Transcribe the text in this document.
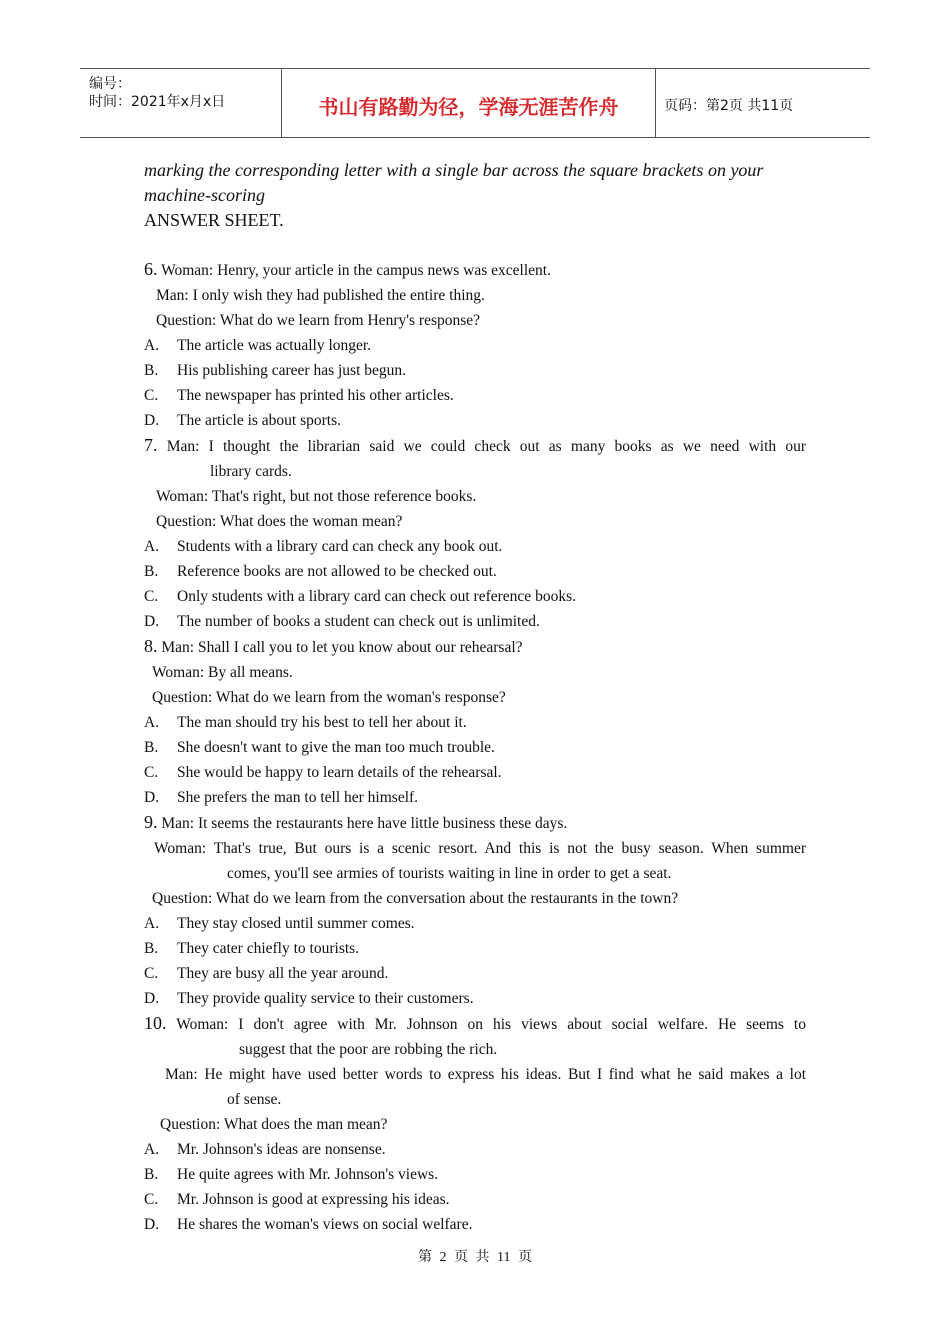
编号：
时间：2021年x月x日	书山有路勤为径，学海无涯苦作舟	页码：第2页 共11页

marking the corresponding letter with a single bar across the square brackets on your

machine-scoring

ANSWER SHEET.

6. Woman: Henry, your article in the campus news was excellent.

Man: I only wish they had published the entire thing.

Question: What do we learn from Henry's response?

A. The article was actually longer.

B. His publishing career has just begun.

C. The newspaper has printed his other articles.

D. The article is about sports.

7. Man: I thought the librarian said we could check out as many books as we need with our

library cards.

Woman: That's right, but not those reference books.

Question: What does the woman mean?

A. Students with a library card can check any book out.

B. Reference books are not allowed to be checked out.

C. Only students with a library card can check out reference books.

D. The number of books a student can check out is unlimited.

8. Man: Shall I call you to let you know about our rehearsal?

Woman: By all means.

Question: What do we learn from the woman's response?

A. The man should try his best to tell her about it.

B. She doesn't want to give the man too much trouble.

C. She would be happy to learn details of the rehearsal.

D. She prefers the man to tell her himself.

9. Man: It seems the restaurants here have little business these days.

Woman: That's true, But ours is a scenic resort. And this is not the busy season. When summer

comes, you'll see armies of tourists waiting in line in order to get a seat.

Question: What do we learn from the conversation about the restaurants in the town?

A. They stay closed until summer comes.

B. They cater chiefly to tourists.

C. They are busy all the year around.

D. They provide quality service to their customers.

10. Woman: I don't agree with Mr. Johnson on his views about social welfare. He seems to

suggest that the poor are robbing the rich.

Man: He might have used better words to express his ideas. But I find what he said makes a lot

of sense.

Question: What does the man mean?

A. Mr. Johnson's ideas are nonsense.

B. He quite agrees with Mr. Johnson's views.

C. Mr. Johnson is good at expressing his ideas.

D. He shares the woman's views on social welfare.

第 2 页 共 11 页
